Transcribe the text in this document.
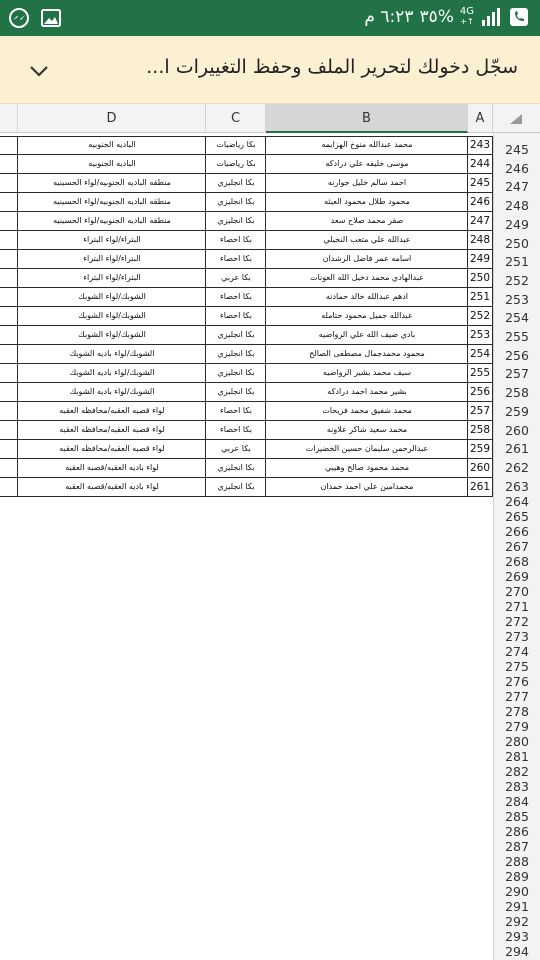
٦:٢٣ م ٣٥% 4G
+↑
سجّل دخولك لتحرير الملف وحفظ التغييرات ا...
D	C	B	A
الباديه الجنوبيه	بكا رياضيات	محمد عبدالله منوخ الهزايمه	243
الباديه الجنوبيه	بكا رياضيات	موسى خليفه علي درادكه	244
منطقه الباديه الجنوبيه/لواء الحسينيه	بكا انجليزي	احمد سالم خليل جوارنه	245
منطقه الباديه الجنوبيه/لواء الحسينيه	بكا انجليزي	محمود طلال محمود العيثه	246
منطقه الباديه الجنوبيه/لواء الحسينيه	بكا انجليزي	صقر محمد صلاح سعد	247
البتراء/لواء البتراء	بكا احصاء	عبدالله علي متعب النخيلي	248
البتراء/لواء البتراء	بكا احصاء	اسامه عمر فاضل الرشدان	249
البتراء/لواء البتراء	بكا عربي	عبدالهادي محمد دخيل الله العونات	250
الشوبك/لواء الشوبك	بكا احصاء	ادهم عبدالله خالد حمادنه	251
الشوبك/لواء الشوبك	بكا احصاء	عبدالله جميل محمود حتامله	252
الشوبك/لواء الشوبك	بكا انجليزي	بادي ضيف الله علي الرواضيه	253
الشوبك/لواء باديه الشوبك	بكا انجليزي	محمود محمدجمال مصطفى الصالح	254
الشوبك/لواء باديه الشوبك	بكا انجليزي	سيف محمد بشير الرواضيه	255
الشوبك/لواء باديه الشوبك	بكا انجليزي	بشير محمد احمد درادكه	256
لواء قصبه العقبه/محافظه العقبه	بكا احصاء	محمد شفيق محمد فريحات	257
لواء قصبه العقبه/محافظه العقبه	بكا احصاء	محمد سعيد شاكر علاونه	258
لواء قصبه العقبه/محافظه العقبه	بكا عربي	عبدالرحمن سليمان حسين الخضيرات	259
لواء باديه العقبه/قصبه العقبه	بكا انجليزي	محمد محمود صالح وهيبي	260
لواء باديه العقبه/قصبه العقبه	بكا انجليزي	محمدامين علي احمد حمدان	261
245
246
247
248
249
250
251
252
253
254
255
256
257
258
259
260
261
262
263
264
265
266
267
268
269
270
271
272
273
274
275
276
277
278
279
280
281
282
283
284
285
286
287
288
289
290
291
292
293
294
